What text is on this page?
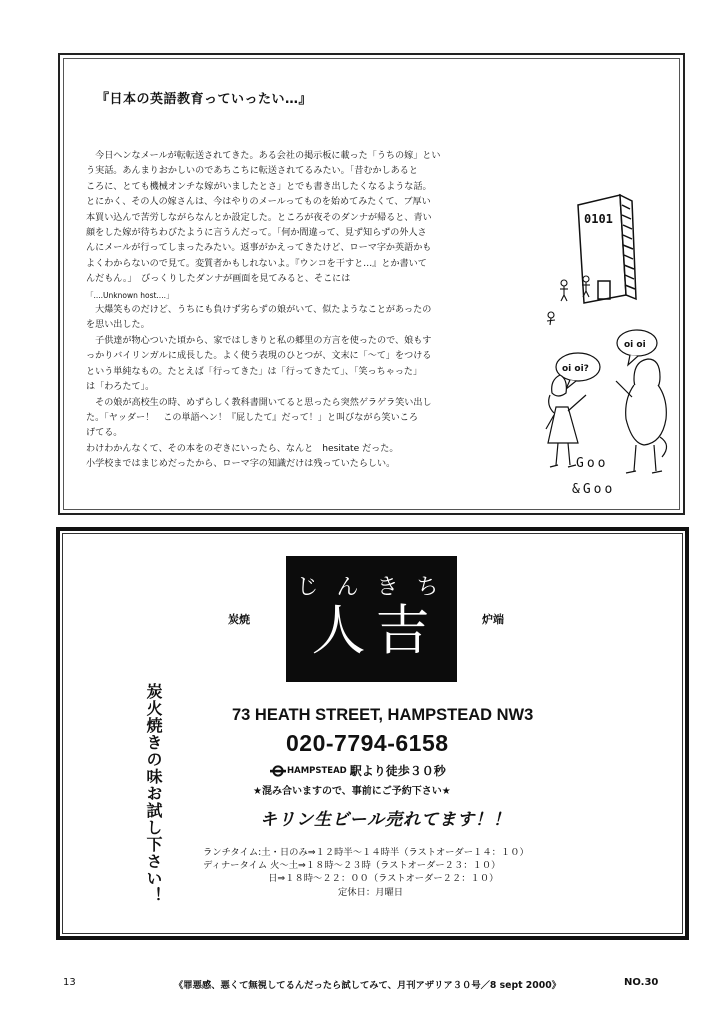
『日本の英語教育っていったい…』

　今日ヘンなメールが転転送されてきた。ある会社の掲示板に載った「うちの嫁」とい

う実話。あんまりおかしいのであちこちに転送されてるみたい。「昔むかしあると

ころに、とても機械オンチな嫁がいましたとさ」とでも書き出したくなるような話。

とにかく、その人の嫁さんは、今はやりのメールってものを始めてみたくて、ブ厚い

本買い込んで苦労しながらなんとか設定した。ところが夜そのダンナが帰ると、青い

顔をした嫁が待ちわびたように言うんだって。「何か間違って、見ず知らずの外人さ

んにメールが行ってしまったみたい。返事がかえってきたけど、ローマ字か英語かも

よくわからないので見て。変質者かもしれないよ。『ウンコを干すと…』とか書いて

んだもん。」　びっくりしたダンナが画面を見てみると、そこには

「....Unknown host....」

　大爆笑ものだけど、うちにも負けず劣らずの娘がいて、似たようなことがあったの

を思い出した。

　子供達が物心ついた頃から、家ではしきりと私の郷里の方言を使ったので、娘もす

っかりバイリンガルに成長した。よく使う表現のひとつが、文末に「〜て」をつける

という単純なもの。たとえば「行ってきた」は「行ってきたて」、「笑っちゃった」

は「わろたて」。

　その娘が高校生の時、めずらしく教科書開いてると思ったら突然ゲラゲラ笑い出し

た。「ヤッダー！　この単語ヘン！『屁したて』だって！」と叫びながら笑いころ

げてる。

わけわかんなくて、その本をのぞきにいったら、なんと　hesitate だった。

小学校まではまじめだったから、ローマ字の知識だけは残っていたらしい。

0101
oi oi?
oi oi
Goo
&Goo
じんきち
人吉
炭焼	炉端
炭火焼きの味お試し下さい！	73 HEATH STREET, HAMPSTEAD NW3
020-7794-6158
HAMPSTEAD 駅より徒歩３０秒
★混み合いますので、事前にご予約下さい★
キリン生ビール売れてます！！
ランチタイム:土・日のみ⇒１２時半〜１４時半（ラストオーダー１４：１０）
ディナータイム 火〜土⇒１８時〜２３時（ラストオーダー２３：１０）
　　　　　　　日⇒１８時〜２２：００（ラストオーダー２２：１０）
定休日：月曜日
13	《罪悪感、悪くて無視してるんだったら試してみて、月刊アザリア３０号／8 sept 2000》	NO.30
